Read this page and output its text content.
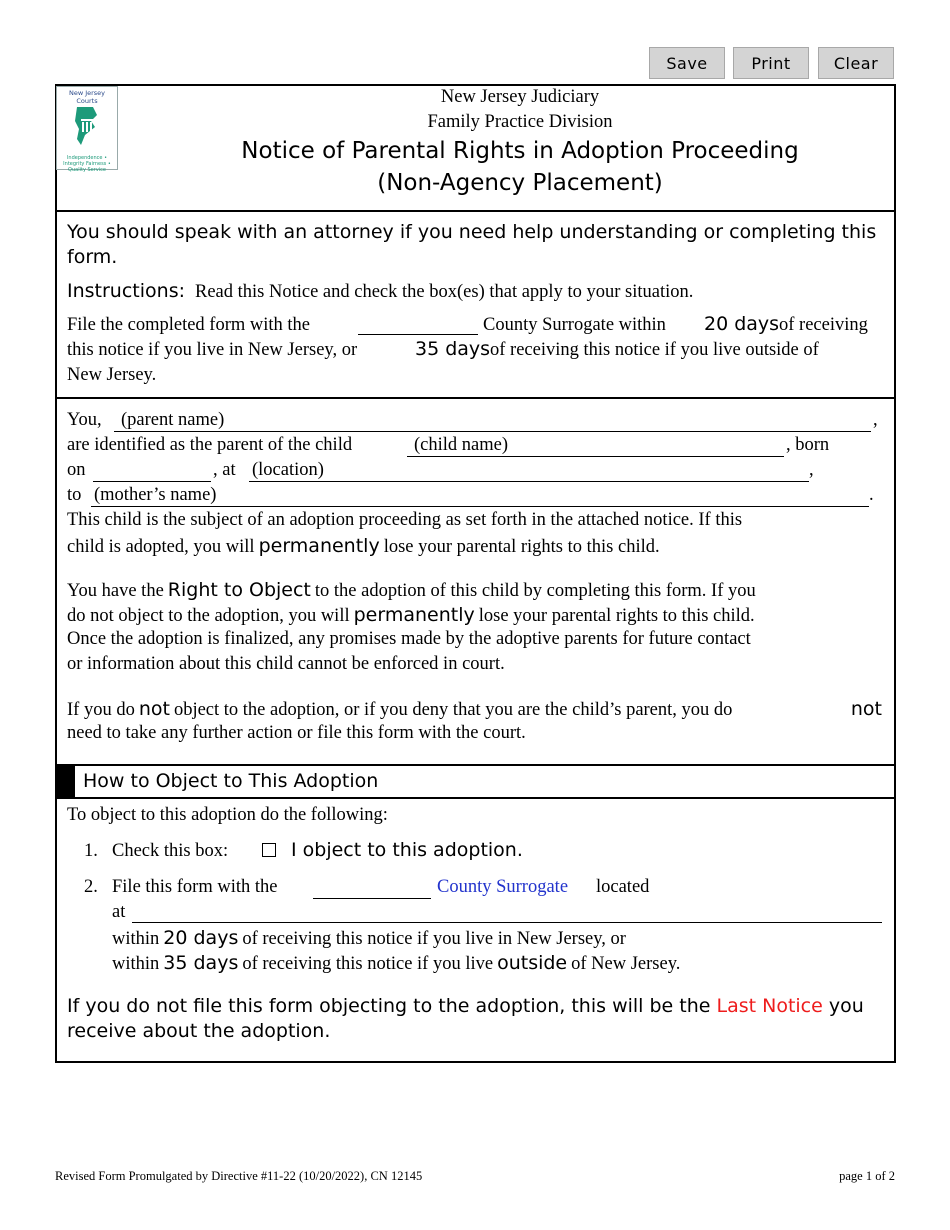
Save	Print	Clear
New Jersey Courts
Independence • Integrity Fairness • Quality Service
New Jersey Judiciary
Family Practice Division
Notice of Parental Rights in Adoption Proceeding
(Non-Agency Placement)
You should speak with an attorney if you need help understanding or completing this
form.
Instructions: Read this Notice and check the box(es) that apply to your situation.
File the completed form with the	County Surrogate within 20 days of receiving
this notice if you live in New Jersey, or	35 days of receiving this notice if you live outside of
New Jersey.
You, (parent name)	,
are identified as the parent of the child	(child name)	, born
on	, at (location)	,
to (mother’s name)	.
This child is the subject of an adoption proceeding as set forth in the attached notice. If this
child is adopted, you will permanently lose your parental rights to this child.
You have the Right to Object to the adoption of this child by completing this form. If you
do not object to the adoption, you will permanently lose your parental rights to this child.
Once the adoption is finalized, any promises made by the adoptive parents for future contact
or information about this child cannot be enforced in court.
If you do not object to the adoption, or if you deny that you are the child’s parent, you do	not
need to take any further action or file this form with the court.
How to Object to This Adoption
To object to this adoption do the following:
1. Check this box:	I object to this adoption.
2. File this form with the	County Surrogate located
at
within 20 days of receiving this notice if you live in New Jersey, or
within 35 days of receiving this notice if you live outside of New Jersey.
If you do not file this form objecting to the adoption, this will be the Last Notice you
receive about the adoption.
Revised Form Promulgated by Directive #11-22 (10/20/2022), CN 12145	page 1 of 2
